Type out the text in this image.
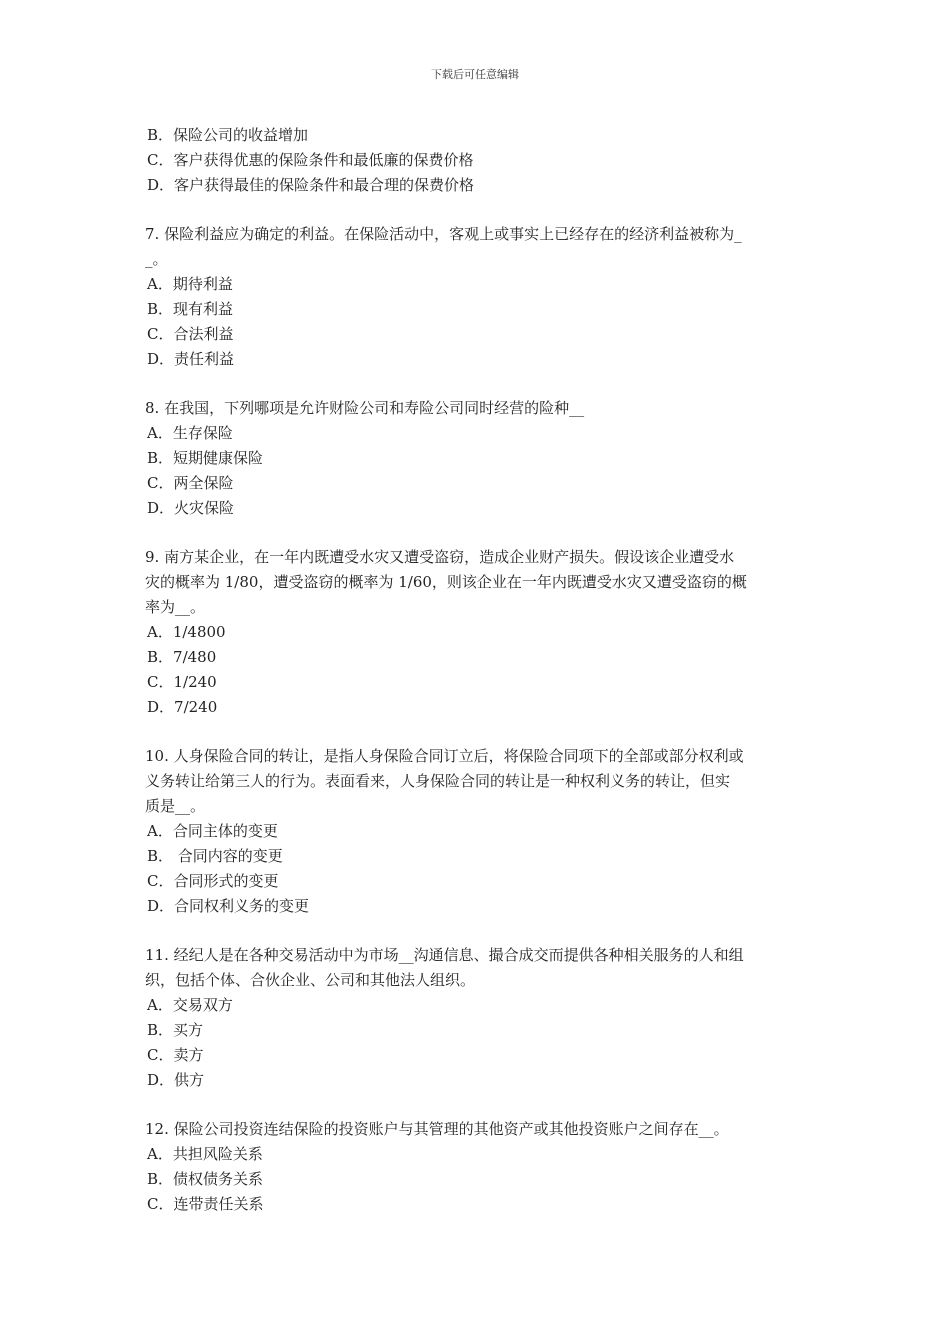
下载后可任意编辑
B．保险公司的收益增加
C．客户获得优惠的保险条件和最低廉的保费价格
D．客户获得最佳的保险条件和最合理的保费价格
7. 保险利益应为确定的利益。在保险活动中，客观上或事实上已经存在的经济利益被称为_
_。
A．期待利益
B．现有利益
C．合法利益
D．责任利益
8. 在我国，下列哪项是允许财险公司和寿险公司同时经营的险种__
A．生存保险
B．短期健康保险
C．两全保险
D．火灾保险
9. 南方某企业，在一年内既遭受水灾又遭受盗窃，造成企业财产损失。假设该企业遭受水
灾的概率为 1/80，遭受盗窃的概率为 1/60，则该企业在一年内既遭受水灾又遭受盗窃的概
率为__。
A．1/4800
B．7/480
C．1/240
D．7/240
10. 人身保险合同的转让，是指人身保险合同订立后，将保险合同项下的全部或部分权利或
义务转让给第三人的行为。表面看来，人身保险合同的转让是一种权利义务的转让，但实
质是__。
A．合同主体的变更
B． 合同内容的变更
C．合同形式的变更
D．合同权利义务的变更
11. 经纪人是在各种交易活动中为市场__沟通信息、撮合成交而提供各种相关服务的人和组
织，包括个体、合伙企业、公司和其他法人组织。
A．交易双方
B．买方
C．卖方
D．供方
12. 保险公司投资连结保险的投资账户与其管理的其他资产或其他投资账户之间存在__。
A．共担风险关系
B．债权债务关系
C．连带责任关系
